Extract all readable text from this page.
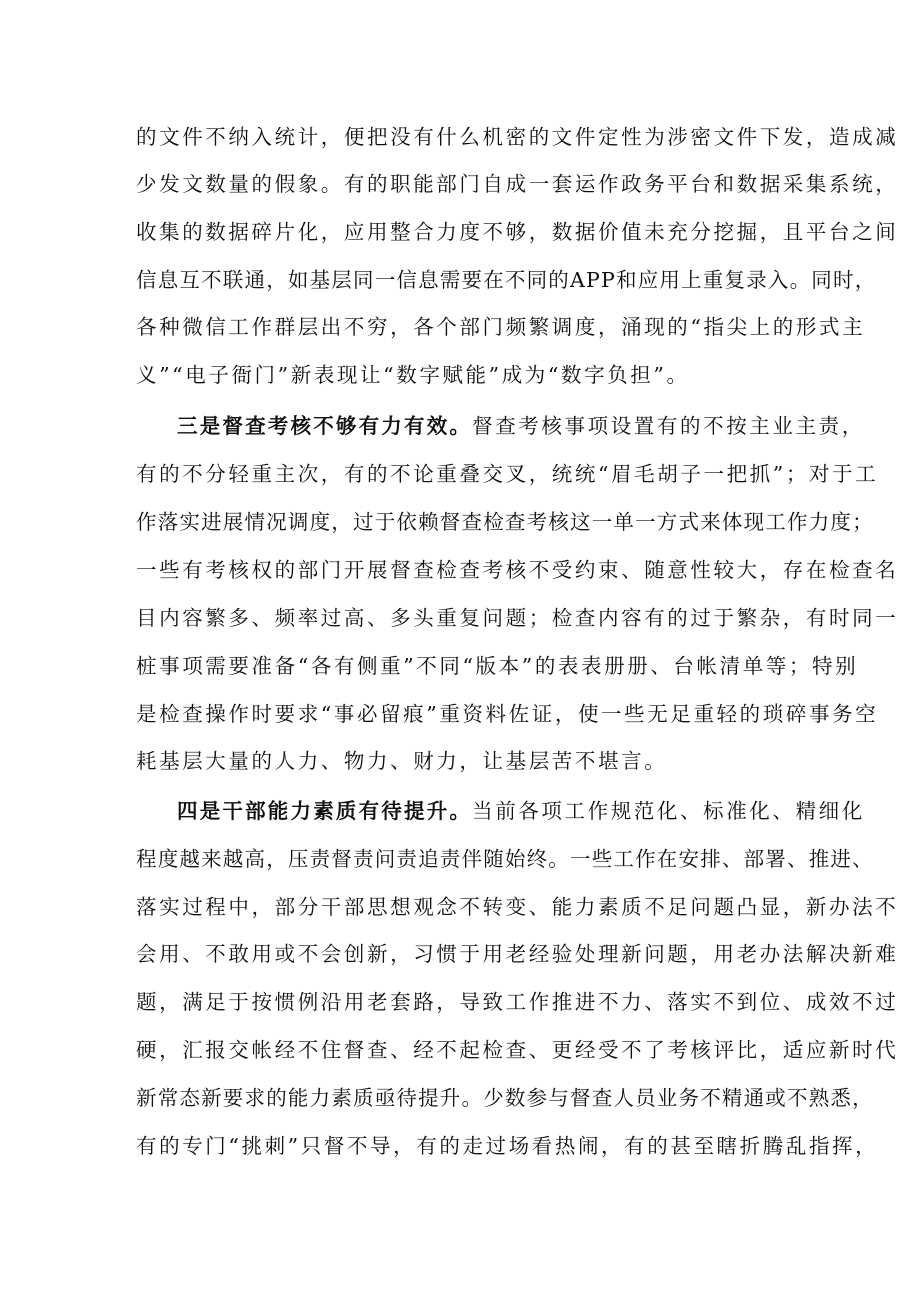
的文件不纳入统计，便把没有什么机密的文件定性为涉密文件下发，造成减
少发文数量的假象。有的职能部门自成一套运作政务平台和数据采集系统，
收集的数据碎片化，应用整合力度不够，数据价值未充分挖掘，且平台之间
信息互不联通，如基层同一信息需要在不同的APP和应用上重复录入。同时，
各种微信工作群层出不穷，各个部门频繁调度，涌现的“指尖上的形式主
义”“电子衙门”新表现让“数字赋能”成为“数字负担”。
三是督查考核不够有力有效。督查考核事项设置有的不按主业主责，
有的不分轻重主次，有的不论重叠交叉，统统“眉毛胡子一把抓”；对于工
作落实进展情况调度，过于依赖督查检查考核这一单一方式来体现工作力度；
一些有考核权的部门开展督查检查考核不受约束、随意性较大，存在检查名
目内容繁多、频率过高、多头重复问题；检查内容有的过于繁杂，有时同一
桩事项需要准备“各有侧重”不同“版本”的表表册册、台帐清单等；特别
是检查操作时要求“事必留痕”重资料佐证，使一些无足重轻的琐碎事务空
耗基层大量的人力、物力、财力，让基层苦不堪言。
四是干部能力素质有待提升。当前各项工作规范化、标准化、精细化
程度越来越高，压责督责问责追责伴随始终。一些工作在安排、部署、推进、
落实过程中，部分干部思想观念不转变、能力素质不足问题凸显，新办法不
会用、不敢用或不会创新，习惯于用老经验处理新问题，用老办法解决新难
题，满足于按惯例沿用老套路，导致工作推进不力、落实不到位、成效不过
硬，汇报交帐经不住督查、经不起检查、更经受不了考核评比，适应新时代
新常态新要求的能力素质亟待提升。少数参与督查人员业务不精通或不熟悉，
有的专门“挑刺”只督不导，有的走过场看热闹，有的甚至瞎折腾乱指挥，
